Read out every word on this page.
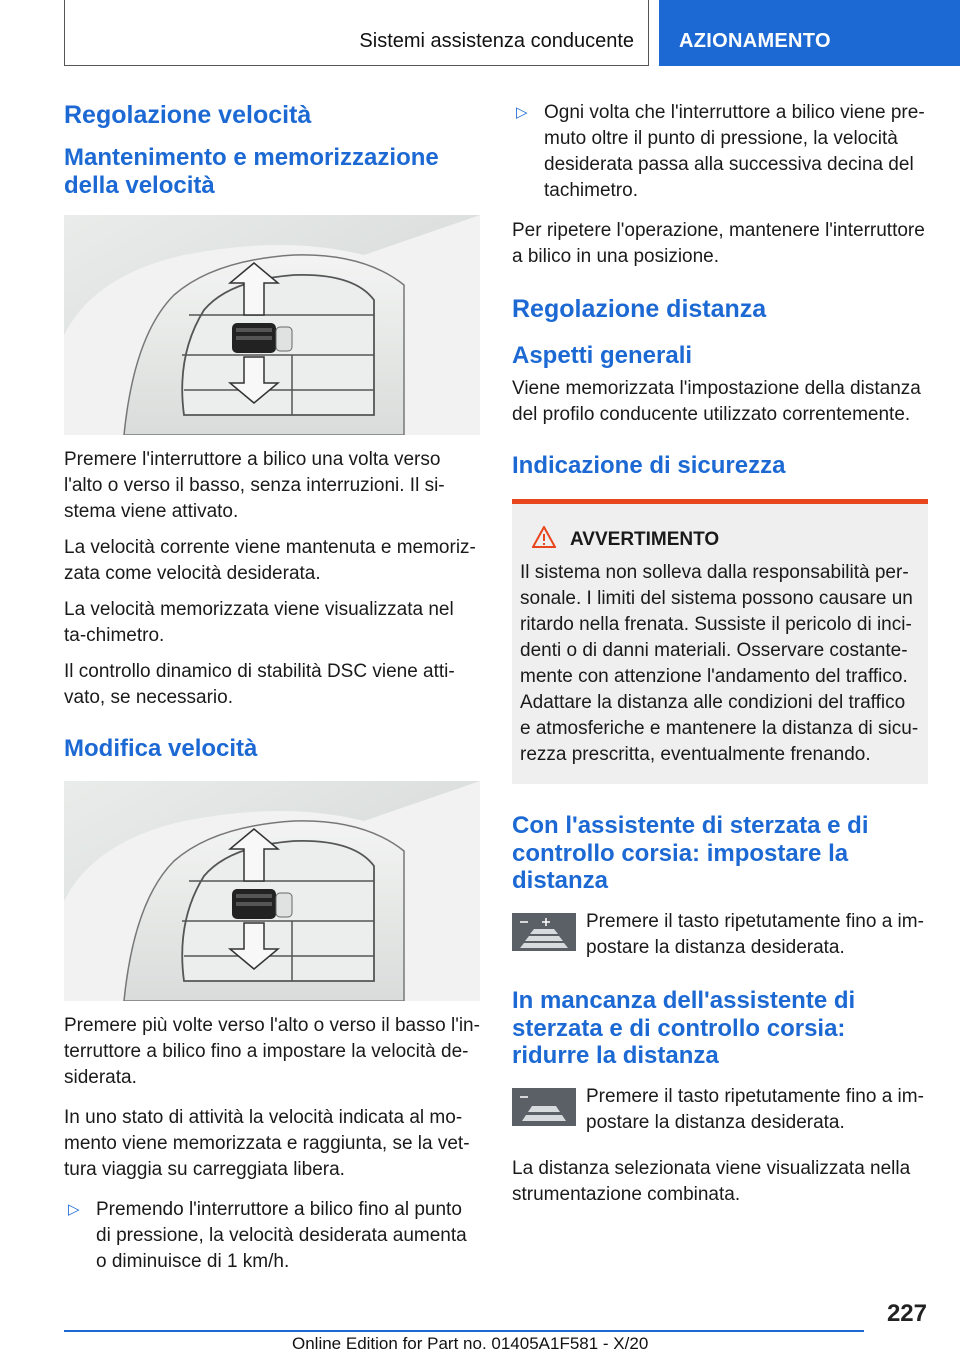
Sistemi assistenza conducente AZIONAMENTO
Regolazione velocità
Mantenimento e memorizzazione della velocità

Premere l'interruttore a bilico una volta verso l'alto o verso il basso, senza interruzioni. Il si-stema viene attivato.

La velocità corrente viene mantenuta e memoriz-zata come velocità desiderata.

La velocità memorizzata viene visualizzata nel ta-chimetro.

Il controllo dinamico di stabilità DSC viene atti-vato, se necessario.

Modifica velocità

Premere più volte verso l'alto o verso il basso l'in-terruttore a bilico fino a impostare la velocità de-siderata.

In uno stato di attività la velocità indicata al mo-mento viene memorizzata e raggiunta, se la vet-tura viaggia su carreggiata libera.

▷ Premendo l'interruttore a bilico fino al punto di pressione, la velocità desiderata aumenta o diminuisce di 1 km/h.
▷ Ogni volta che l'interruttore a bilico viene pre-muto oltre il punto di pressione, la velocità desiderata passa alla successiva decina del tachimetro.

Per ripetere l'operazione, mantenere l'interruttore a bilico in una posizione.

Regolazione distanza
Aspetti generali

Viene memorizzata l'impostazione della distanza del profilo conducente utilizzato correntemente.

Indicazione di sicurezza
AVVERTIMENTO

Il sistema non solleva dalla responsabilità per-sonale. I limiti del sistema possono causare un ritardo nella frenata. Sussiste il pericolo di inci-denti o di danni materiali. Osservare costante-mente con attenzione l'andamento del traffico. Adattare la distanza alle condizioni del traffico e atmosferiche e mantenere la distanza di sicu-rezza prescritta, eventualmente frenando.

Con l'assistente di sterzata e di controllo corsia: impostare la distanza

Premere il tasto ripetutamente fino a im-postare la distanza desiderata.

In mancanza dell'assistente di sterzata e di controllo corsia: ridurre la distanza

Premere il tasto ripetutamente fino a im-postare la distanza desiderata.

La distanza selezionata viene visualizzata nella strumentazione combinata.

227
Online Edition for Part no. 01405A1F581 - X/20
